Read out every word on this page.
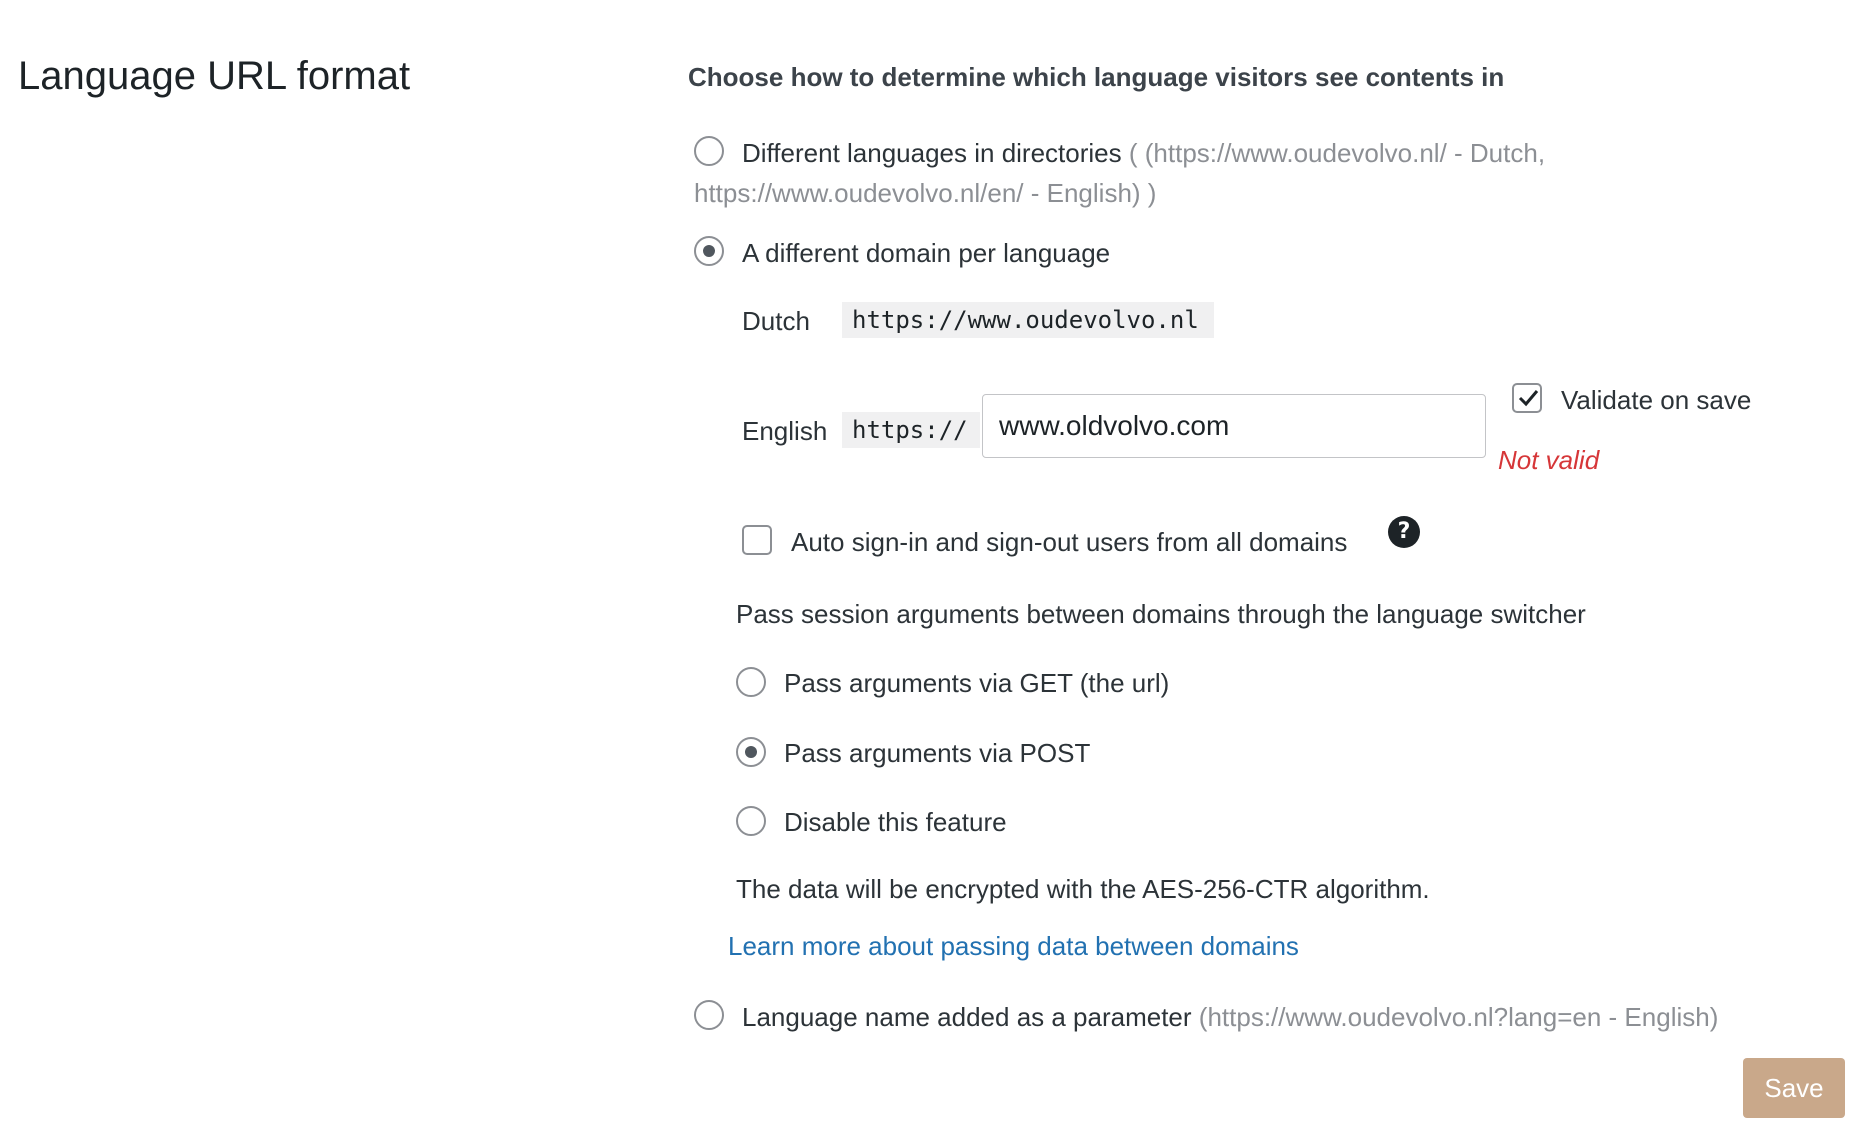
Language URL format	Choose how to determine which language visitors see contents in
Different languages in directories ( (https://www.oudevolvo.nl/ - Dutch,
https://www.oudevolvo.nl/en/ - English) )
A different domain per language
Dutch	https://www.oudevolvo.nl
English	https://
www.oldvolvo.com
Validate on save
Not valid
Auto sign-in and sign-out users from all domains	?
Pass session arguments between domains through the language switcher
Pass arguments via GET (the url)
Pass arguments via POST
Disable this feature
The data will be encrypted with the AES-256-CTR algorithm.
Learn more about passing data between domains
Language name added as a parameter (https://www.oudevolvo.nl?lang=en - English)
Save
